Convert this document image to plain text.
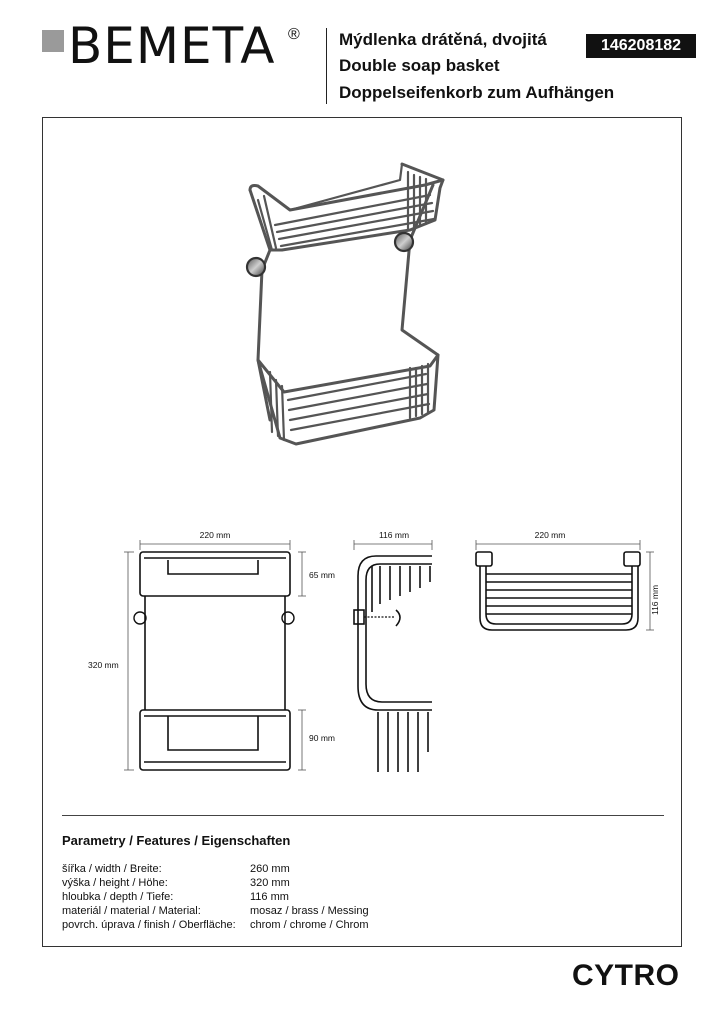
BEMETA ® Mýdlenka drátěná, dvojitá
Double soap basket
Doppelseifenkorb zum Aufhängen
146208182
220 mm
320 mm
65 mm
90 mm
116 mm	220 mm
116 mm
Parametry / Features / Eigenschaften
šířka / width / Breite:	260 mm
výška / height / Höhe:	320 mm
hloubka / depth / Tiefe:	116 mm
materiál / material / Material:	mosaz / brass / Messing
povrch. úprava / finish / Oberfläche: chrom / chrome / Chrom
CYTRO
